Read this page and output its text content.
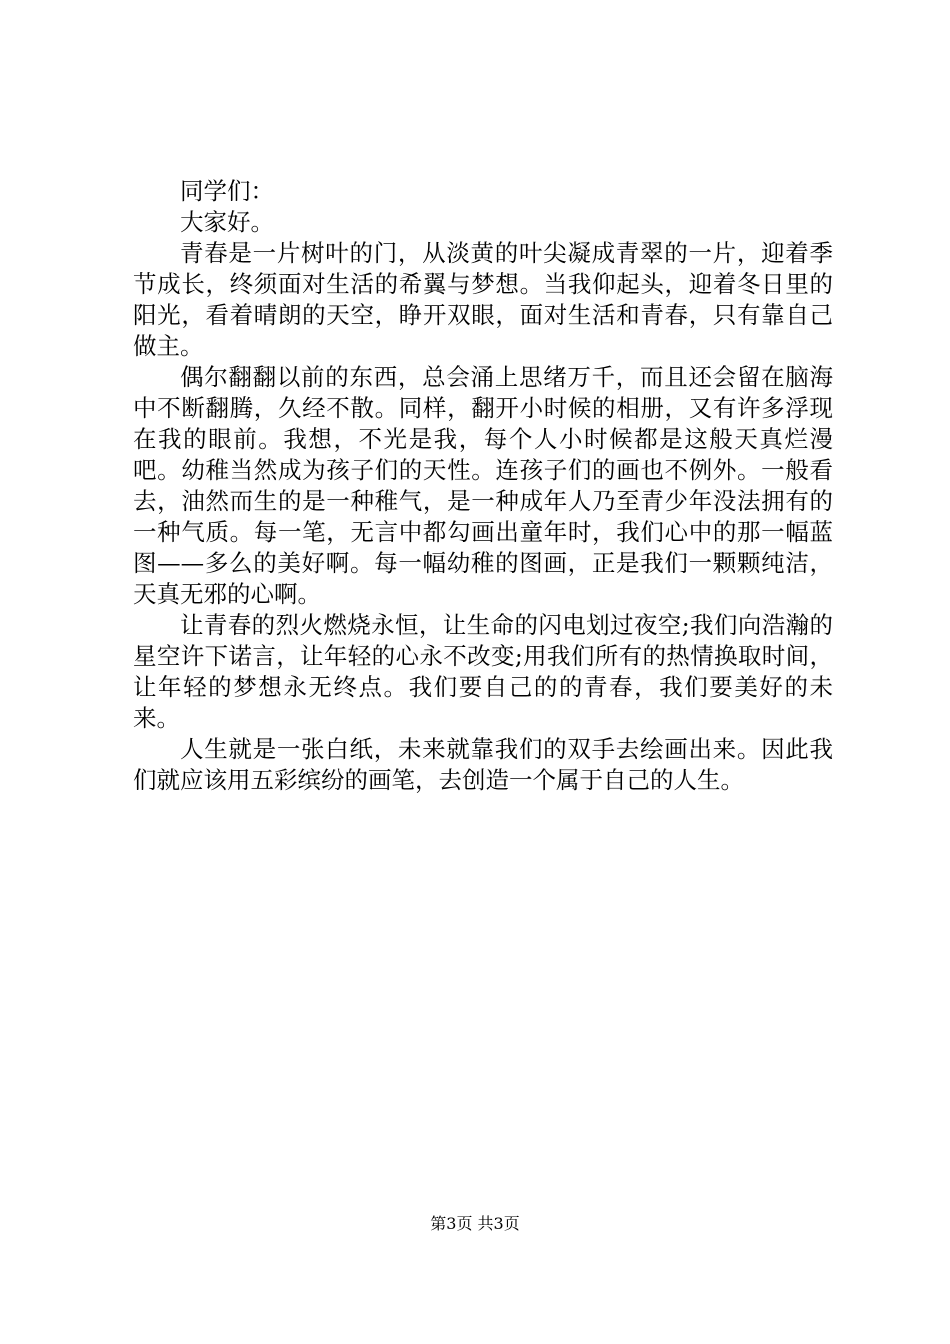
同学们：

大家好。

青春是一片树叶的门，从淡黄的叶尖凝成青翠的一片，迎着季节成长，终须面对生活的希翼与梦想。当我仰起头，迎着冬日里的阳光，看着晴朗的天空，睁开双眼，面对生活和青春，只有靠自己做主。

偶尔翻翻以前的东西，总会涌上思绪万千，而且还会留在脑海中不断翻腾，久经不散。同样，翻开小时候的相册，又有许多浮现在我的眼前。我想，不光是我，每个人小时候都是这般天真烂漫吧。幼稚当然成为孩子们的天性。连孩子们的画也不例外。一般看去，油然而生的是一种稚气，是一种成年人乃至青少年没法拥有的一种气质。每一笔，无言中都勾画出童年时，我们心中的那一幅蓝图——多么的美好啊。每一幅幼稚的图画，正是我们一颗颗纯洁，天真无邪的心啊。

让青春的烈火燃烧永恒，让生命的闪电划过夜空;我们向浩瀚的星空许下诺言，让年轻的心永不改变;用我们所有的热情换取时间，让年轻的梦想永无终点。我们要自己的的青春，我们要美好的未来。

人生就是一张白纸，未来就靠我们的双手去绘画出来。因此我们就应该用五彩缤纷的画笔，去创造一个属于自己的人生。

第3页 共3页
